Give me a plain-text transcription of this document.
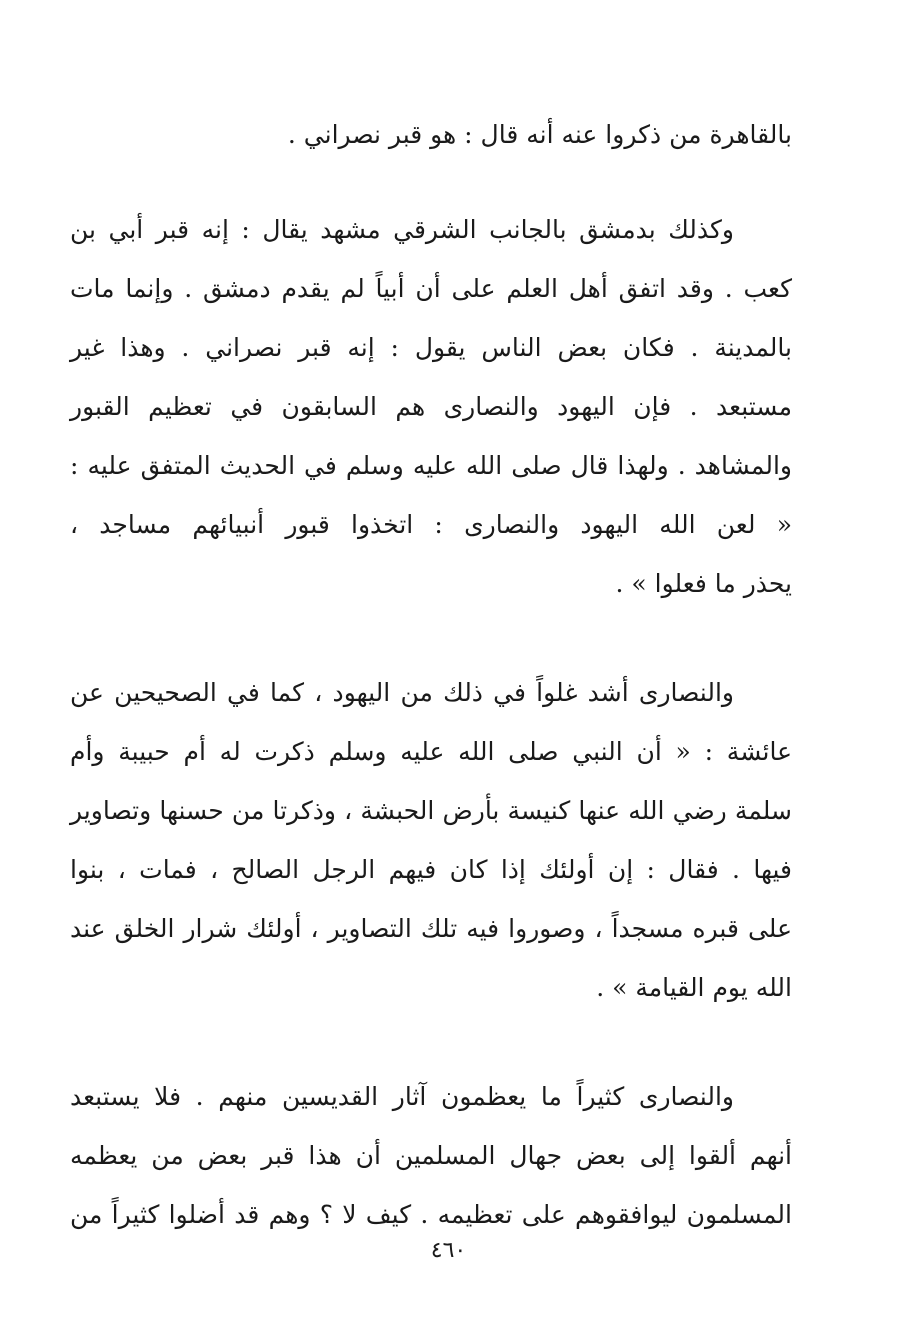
بالقاهرة من ذكروا عنه أنه قال : هو قبر نصراني .
وكذلك بدمشق بالجانب الشرقي مشهد يقال : إنه قبر أبي بن
كعب . وقد اتفق أهل العلم على أن أبياً لم يقدم دمشق . وإنما مات
بالمدينة . فكان بعض الناس يقول : إنه قبر نصراني . وهذا غير
مستبعد . فإن اليهود والنصارى هم السابقون في تعظيم القبور
والمشاهد . ولهذا قال صلى الله عليه وسلم في الحديث المتفق عليه :
« لعن الله اليهود والنصارى : اتخذوا قبور أنبيائهم مساجد ،
يحذر ما فعلوا » .
والنصارى أشد غلواً في ذلك من اليهود ، كما في الصحيحين عن
عائشة : « أن النبي صلى الله عليه وسلم ذكرت له أم حبيبة وأم
سلمة رضي الله عنها كنيسة بأرض الحبشة ، وذكرتا من حسنها وتصاوير
فيها . فقال : إن أولئك إذا كان فيهم الرجل الصالح ، فمات ، بنوا
على قبره مسجداً ، وصوروا فيه تلك التصاوير ، أولئك شرار الخلق عند
الله يوم القيامة » .
والنصارى كثيراً ما يعظمون آثار القديسين منهم . فلا يستبعد
أنهم ألقوا إلى بعض جهال المسلمين أن هذا قبر بعض من يعظمه
المسلمون ليوافقوهم على تعظيمه . كيف لا ؟ وهم قد أضلوا كثيراً من
٤٦٠
